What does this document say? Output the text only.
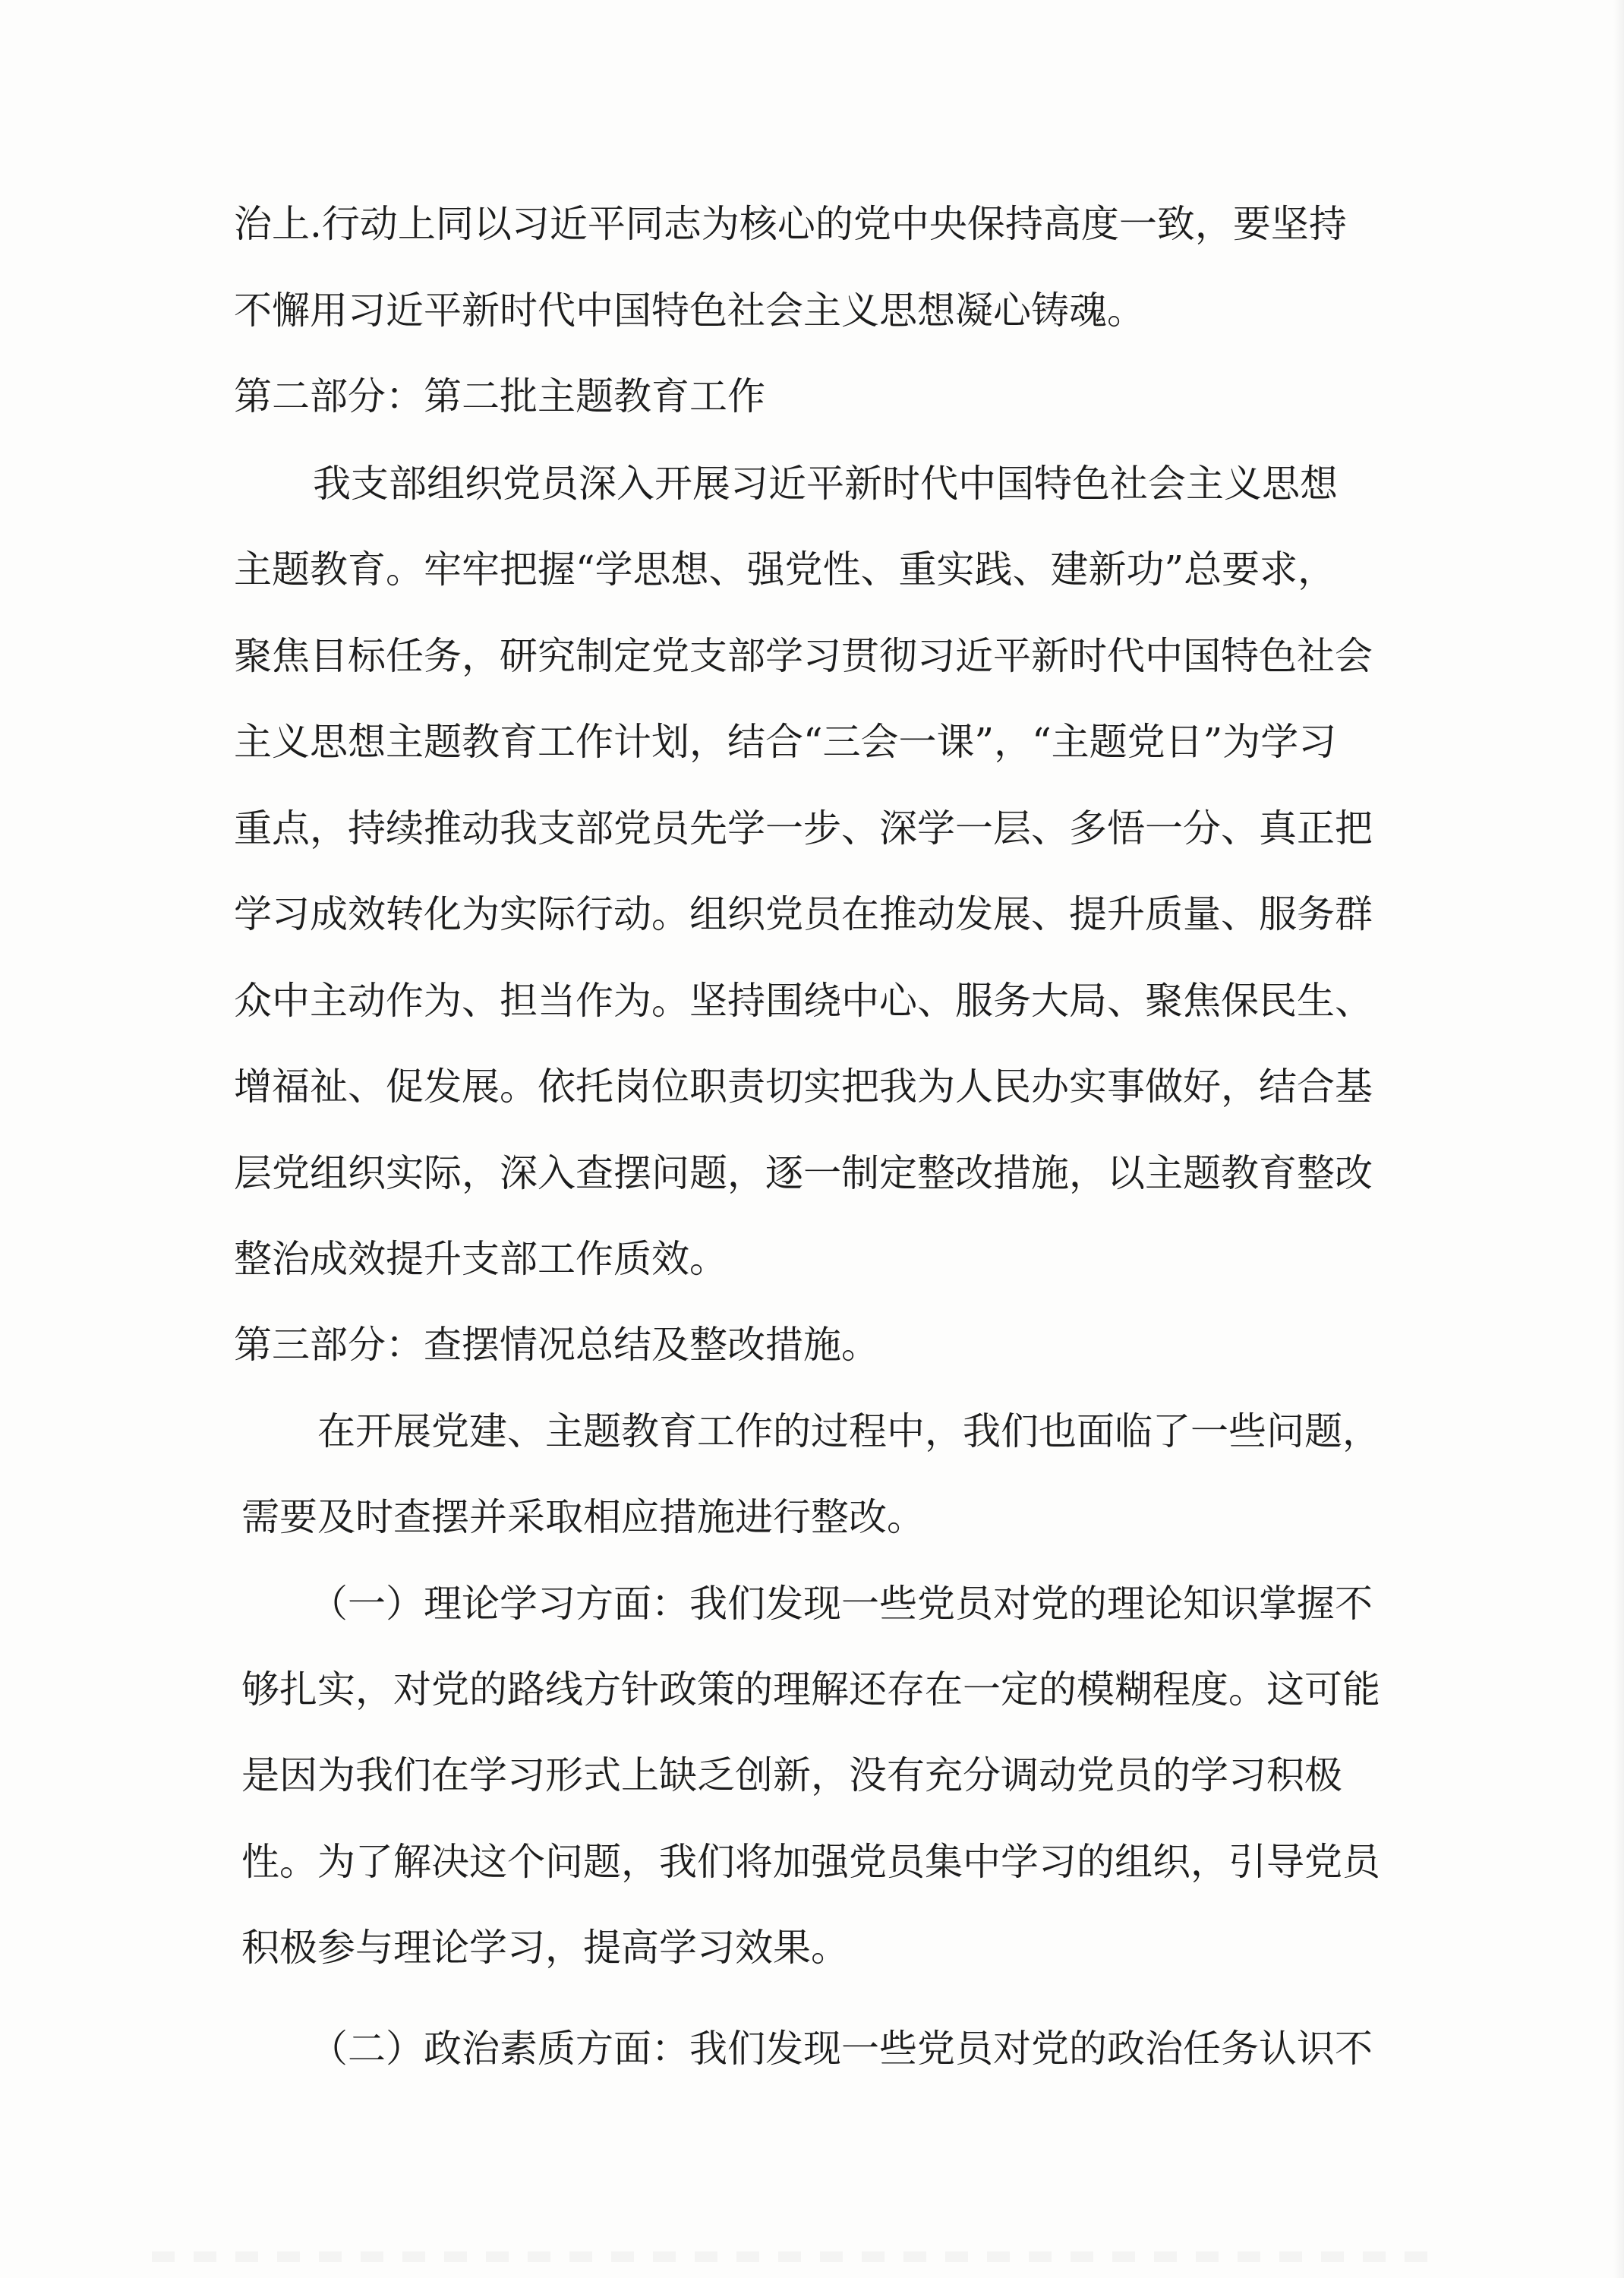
治上.行动上同以习近平同志为核心的党中央保持高度一致，要坚持
不懈用习近平新时代中国特色社会主义思想凝心铸魂。
第二部分：第二批主题教育工作
我支部组织党员深入开展习近平新时代中国特色社会主义思想
主题教育。牢牢把握“学思想、强党性、重实践、建新功”总要求，
聚焦目标任务，研究制定党支部学习贯彻习近平新时代中国特色社会
主义思想主题教育工作计划，结合“三会一课”，“主题党日”为学习
重点，持续推动我支部党员先学一步、深学一层、多悟一分、真正把
学习成效转化为实际行动。组织党员在推动发展、提升质量、服务群
众中主动作为、担当作为。坚持围绕中心、服务大局、聚焦保民生、
增福祉、促发展。依托岗位职责切实把我为人民办实事做好，结合基
层党组织实际，深入查摆问题，逐一制定整改措施，以主题教育整改
整治成效提升支部工作质效。
第三部分：查摆情况总结及整改措施。
在开展党建、主题教育工作的过程中，我们也面临了一些问题，
需要及时查摆并采取相应措施进行整改。
（一）理论学习方面：我们发现一些党员对党的理论知识掌握不
够扎实，对党的路线方针政策的理解还存在一定的模糊程度。这可能
是因为我们在学习形式上缺乏创新，没有充分调动党员的学习积极
性。为了解决这个问题，我们将加强党员集中学习的组织，引导党员
积极参与理论学习，提高学习效果。
（二）政治素质方面：我们发现一些党员对党的政治任务认识不
